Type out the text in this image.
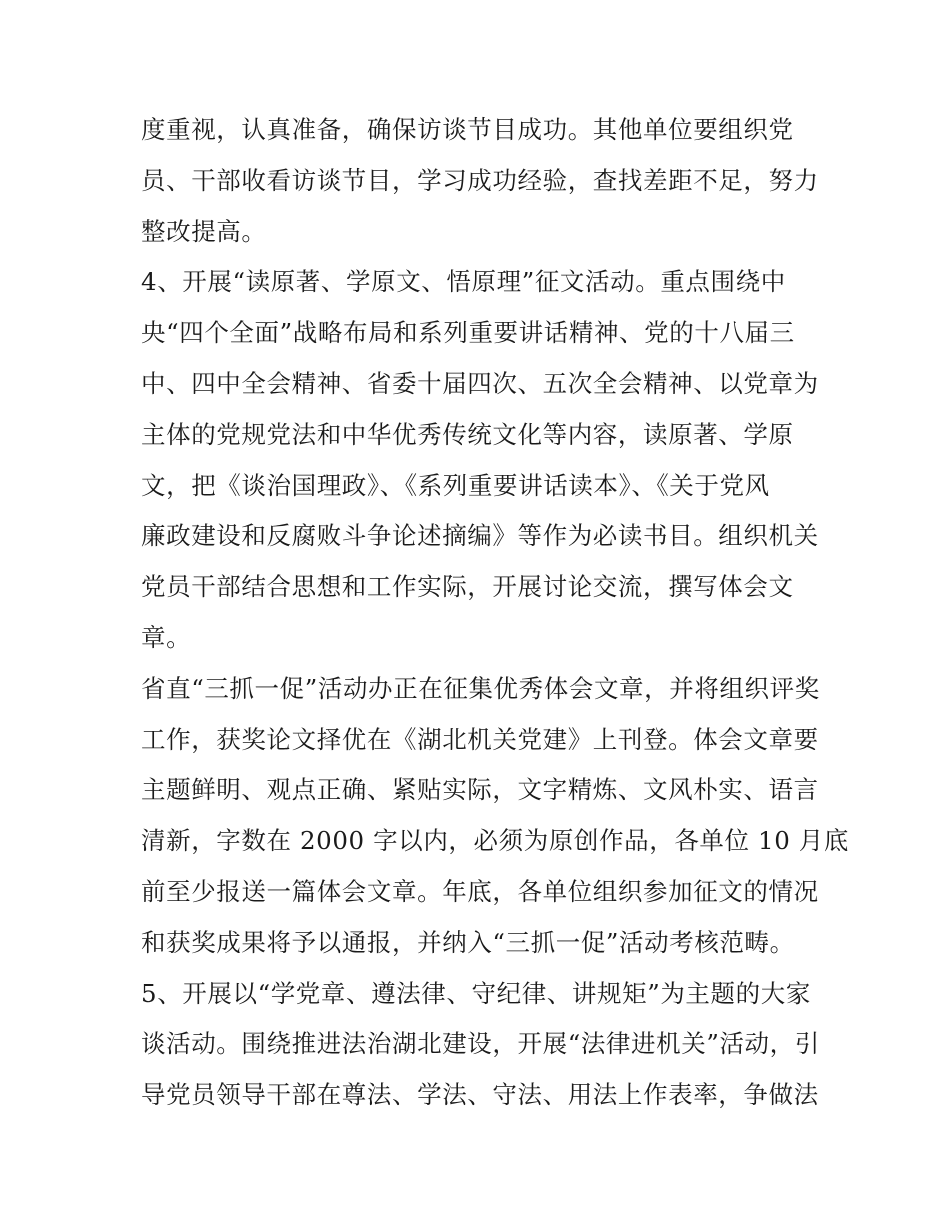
度重视，认真准备，确保访谈节目成功。其他单位要组织党
员、干部收看访谈节目，学习成功经验，查找差距不足，努力
整改提高。
4、开展“读原著、学原文、悟原理”征文活动。重点围绕中
央“四个全面”战略布局和系列重要讲话精神、党的十八届三
中、四中全会精神、省委十届四次、五次全会精神、以党章为
主体的党规党法和中华优秀传统文化等内容，读原著、学原
文，把《谈治国理政》、《系列重要讲话读本》、《关于党风
廉政建设和反腐败斗争论述摘编》等作为必读书目。组织机关
党员干部结合思想和工作实际，开展讨论交流，撰写体会文
章。
省直“三抓一促”活动办正在征集优秀体会文章，并将组织评奖
工作，获奖论文择优在《湖北机关党建》上刊登。体会文章要
主题鲜明、观点正确、紧贴实际，文字精炼、文风朴实、语言
清新，字数在 2000 字以内，必须为原创作品，各单位 10 月底
前至少报送一篇体会文章。年底，各单位组织参加征文的情况
和获奖成果将予以通报，并纳入“三抓一促”活动考核范畴。
5、开展以“学党章、遵法律、守纪律、讲规矩”为主题的大家
谈活动。围绕推进法治湖北建设，开展“法律进机关”活动，引
导党员领导干部在尊法、学法、守法、用法上作表率，争做法
